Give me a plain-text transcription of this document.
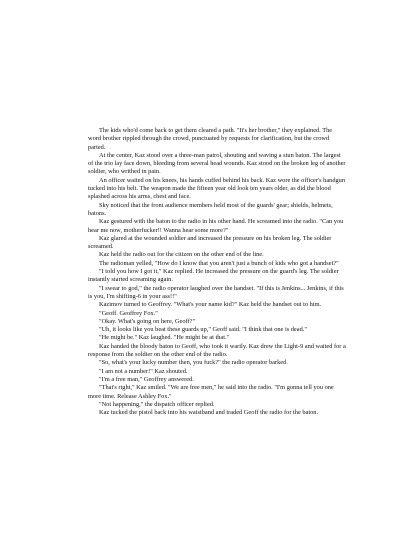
The kids who'd come back to get them cleared a path. "It's her brother," they explained. The word brother rippled through the crowd, punctuated by requests for clarification, but the crowd parted.

At the center, Kaz stood over a three-man patrol, shouting and waving a stun baton. The largest of the trio lay face down, bleeding from several head wounds. Kaz stood on the broken leg of another soldier, who writhed in pain.

An officer waited on his knees, his hands cuffed behind his back. Kaz wore the officer's handgun tucked into his belt. The weapon made the fifteen year old look ten years older, as did the blood splashed across his arms, chest and face.

Sky noticed that the front audience members held most of the guards' gear; shields, helmets, batons.

Kaz gestured with the baton to the radio in his other hand. He screamed into the radio. "Can you hear me now, motherfucker!! Wanna hear some more?"

Kaz glared at the wounded soldier and increased the pressure on his broken leg. The soldier screamed.

Kaz held the radio out for the citizen on the other end of the line.

The radioman yelled, "How do I know that you aren't just a bunch of kids who got a handset?"

"I told you how I got it," Kaz replied. He increased the pressure on the guard's leg. The soldier instantly started screaming again.

"I swear to god," the radio operator laughed over the handset. "If this is Jenkins... Jenkins, if this is you, I'm shifting-6 in your ass!!"

Kazimov turned to Geoffrey. "What's your name kid?" Kaz held the handset out to him.

"Geoff. Geoffrey Fox."

"Okay. What's going on here, Geoff?"

"Uh, it looks like you beat these guards up," Geoff said. "I think that one is dead."

"He might be." Kaz laughed. "He might be at that."

Kaz handed the bloody baton to Geoff, who took it warily. Kaz drew the Light-9 and waited for a response from the soldier on the other end of the radio.

"So, what's your lucky number then, you fuck?" the radio operator barked.

"I am not a number!" Kaz shouted.

"I'm a free man," Geoffrey answered.

"That's right," Kaz smiled. "We are free men," he said into the radio. "I'm gonna tell you one more time. Release Ashley Fox."

"Not happening," the dispatch officer replied.

Kaz tucked the pistol back into his waistband and traded Geoff the radio for the baton.
